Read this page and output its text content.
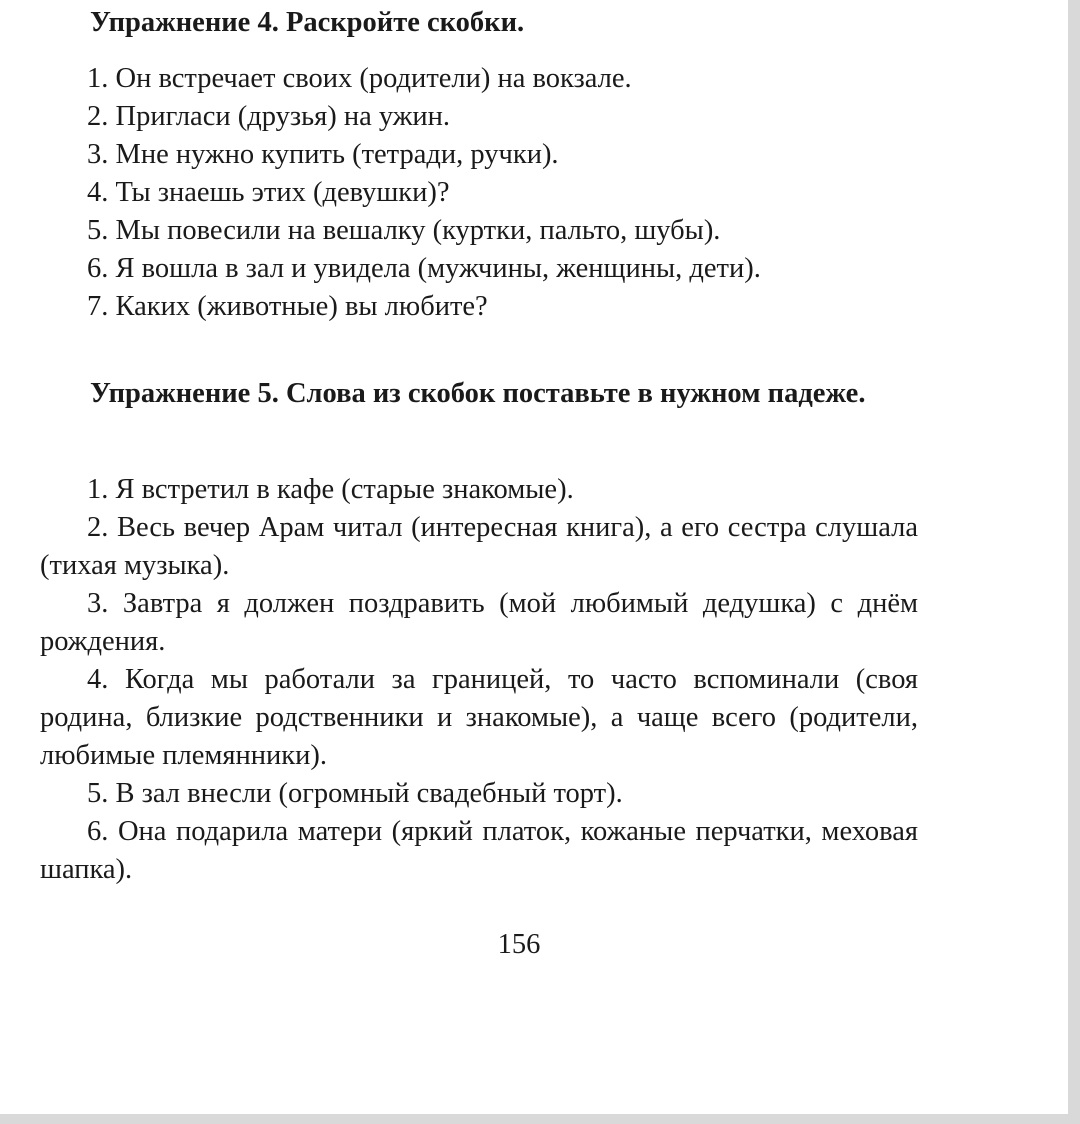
Упражнение 4. Раскройте скобки.

1. Он встречает своих (родители) на вокзале.
2. Пригласи (друзья) на ужин.
3. Мне нужно купить (тетради, ручки).
4. Ты знаешь этих (девушки)?
5. Мы повесили на вешалку (куртки, пальто, шубы).
6. Я вошла в зал и увидела (мужчины, женщины, дети).
7. Каких (животные) вы любите?

Упражнение 5. Слова из скобок поставьте в нужном падеже.

1. Я встретил в кафе (старые знакомые).
2. Весь вечер Арам читал (интересная книга), а его сестра слушала (тихая музыка).
3. Завтра я должен поздравить (мой любимый дедушка) с днём рождения.
4. Когда мы работали за границей, то часто вспоминали (своя родина, близкие родственники и знакомые), а чаще всего (родители, любимые племянники).
5. В зал внесли (огромный свадебный торт).
6. Она подарила матери (яркий платок, кожаные перчатки, меховая шапка).
156
